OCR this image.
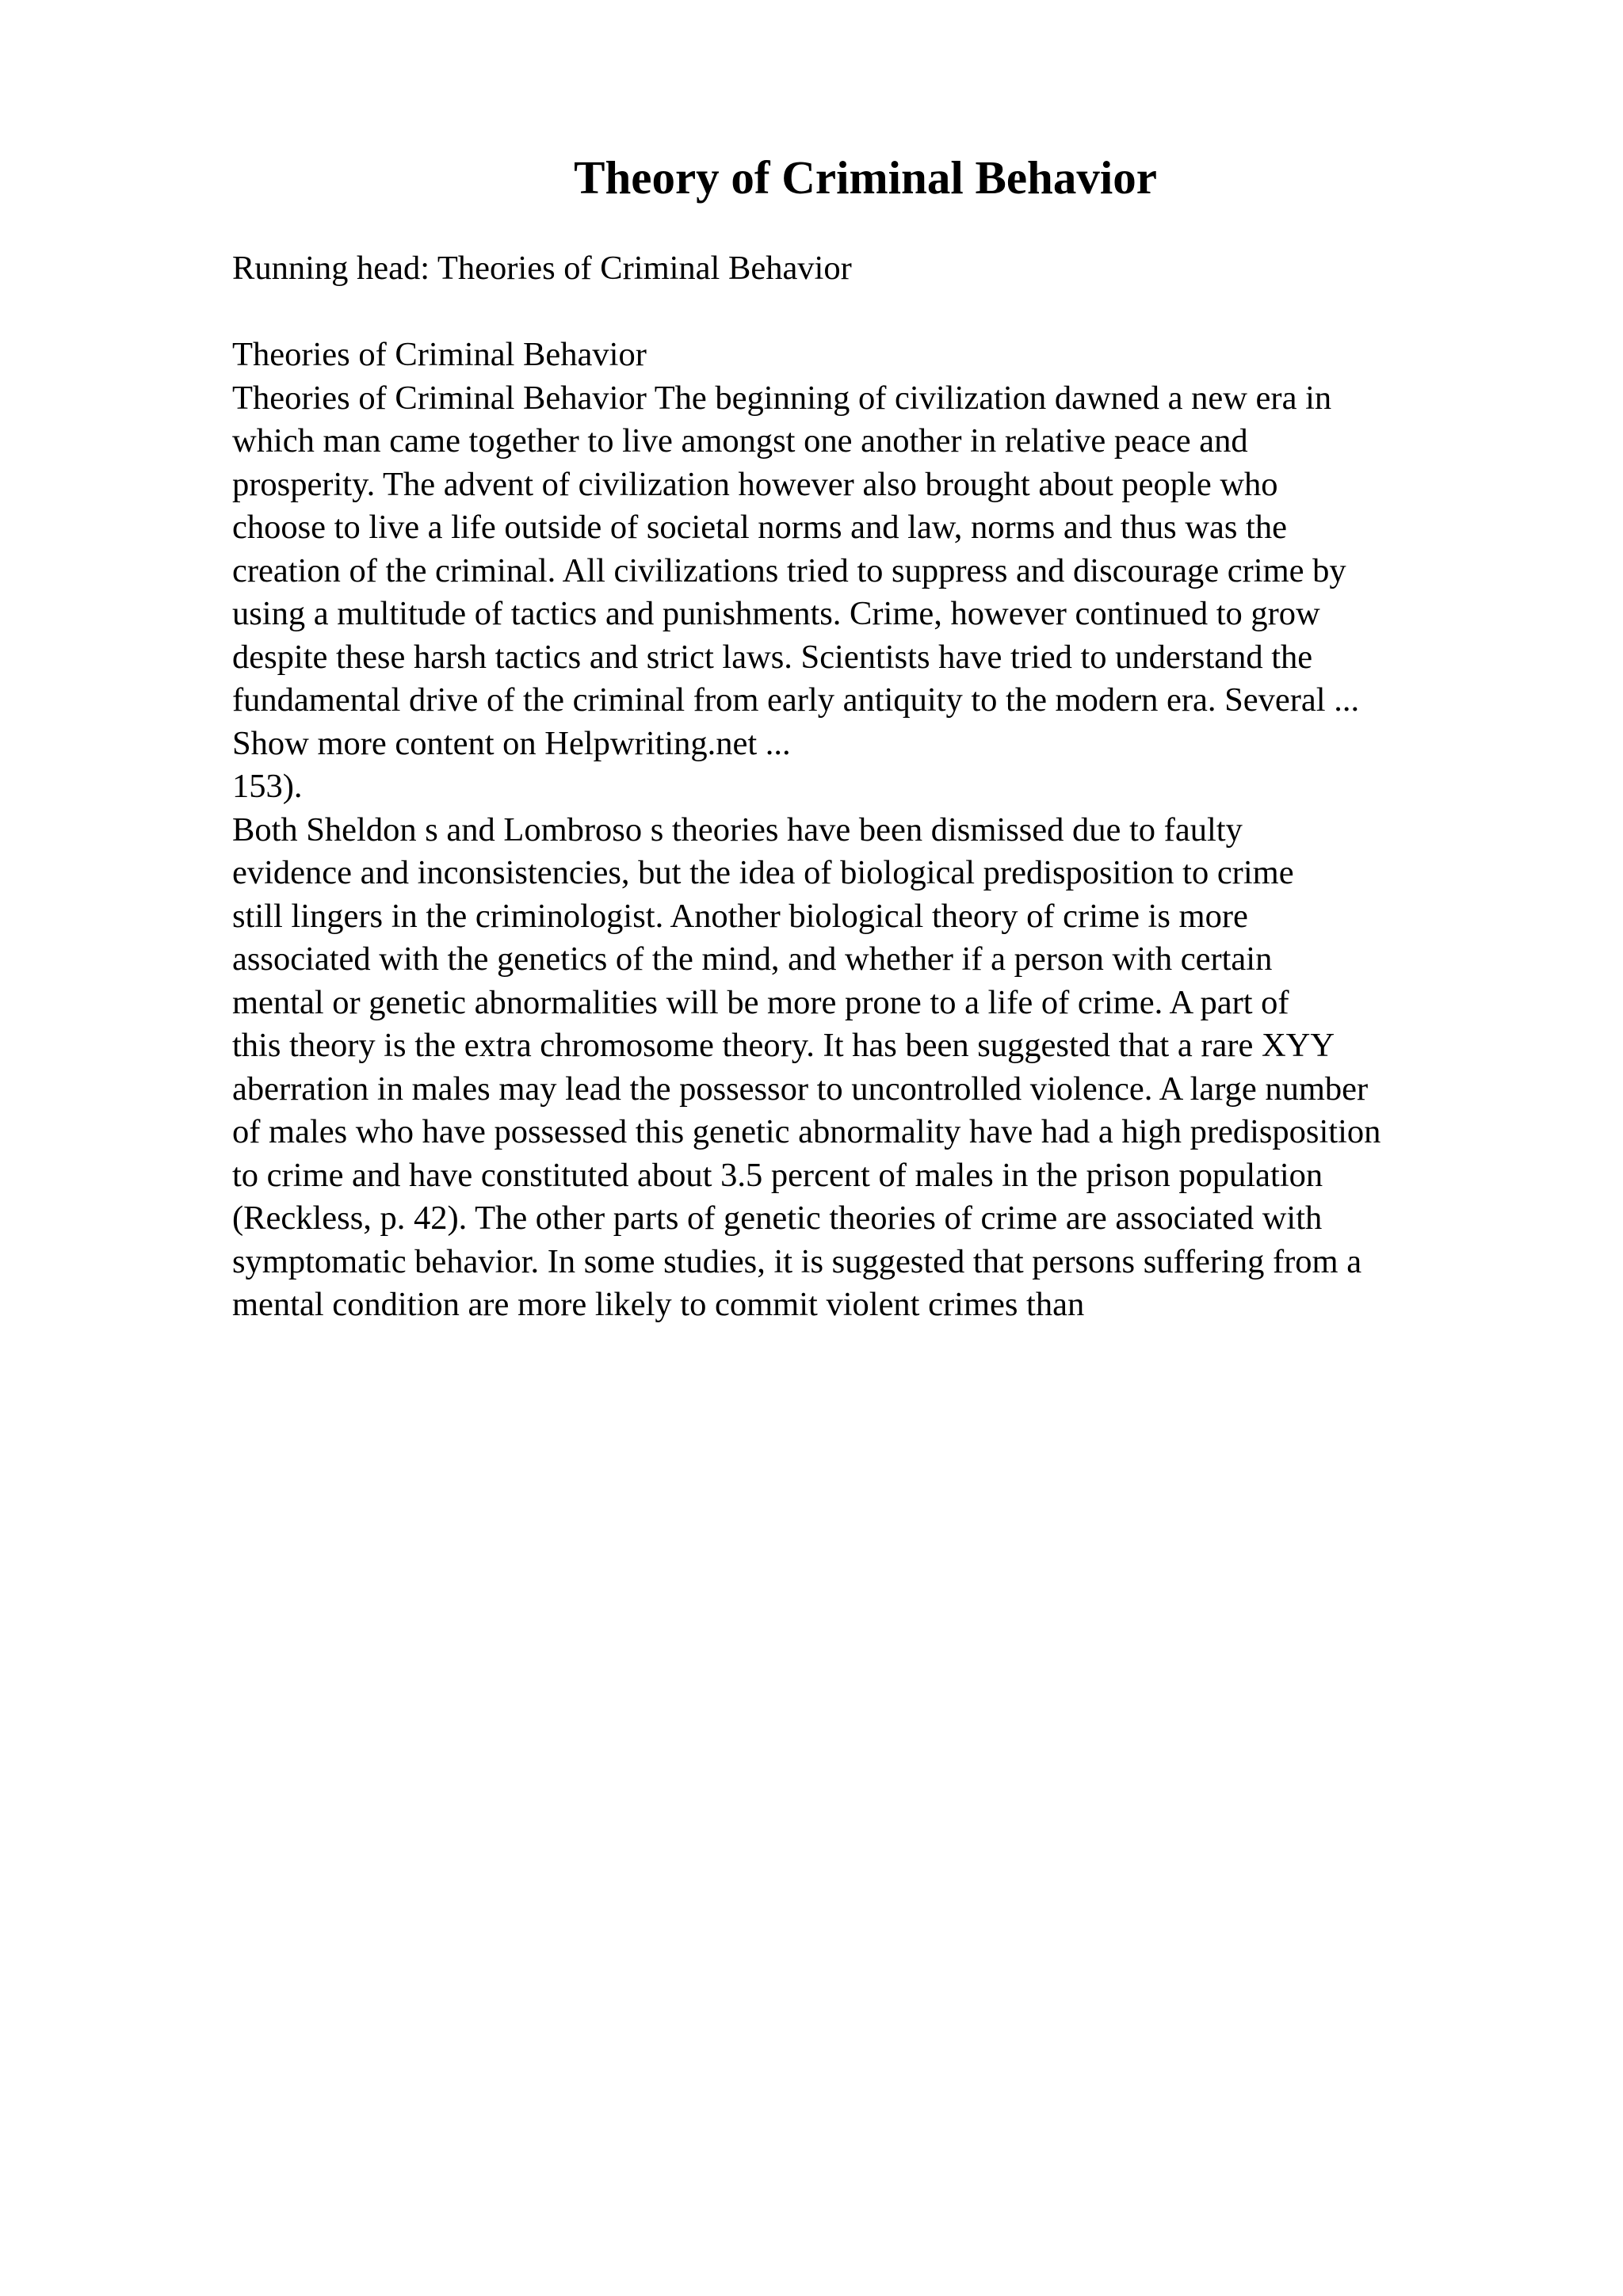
Theory of Criminal Behavior
Running head: Theories of Criminal Behavior
Theories of Criminal Behavior
Theories of Criminal Behavior The beginning of civilization dawned a new era in
which man came together to live amongst one another in relative peace and
prosperity. The advent of civilization however also brought about people who
choose to live a life outside of societal norms and law, norms and thus was the
creation of the criminal. All civilizations tried to suppress and discourage crime by
using a multitude of tactics and punishments. Crime, however continued to grow
despite these harsh tactics and strict laws. Scientists have tried to understand the
fundamental drive of the criminal from early antiquity to the modern era. Several ...
Show more content on Helpwriting.net ...
153).
Both Sheldon s and Lombroso s theories have been dismissed due to faulty
evidence and inconsistencies, but the idea of biological predisposition to crime
still lingers in the criminologist. Another biological theory of crime is more
associated with the genetics of the mind, and whether if a person with certain
mental or genetic abnormalities will be more prone to a life of crime. A part of
this theory is the extra chromosome theory. It has been suggested that a rare XYY
aberration in males may lead the possessor to uncontrolled violence. A large number
of males who have possessed this genetic abnormality have had a high predisposition
to crime and have constituted about 3.5 percent of males in the prison population
(Reckless, p. 42). The other parts of genetic theories of crime are associated with
symptomatic behavior. In some studies, it is suggested that persons suffering from a
mental condition are more likely to commit violent crimes than
